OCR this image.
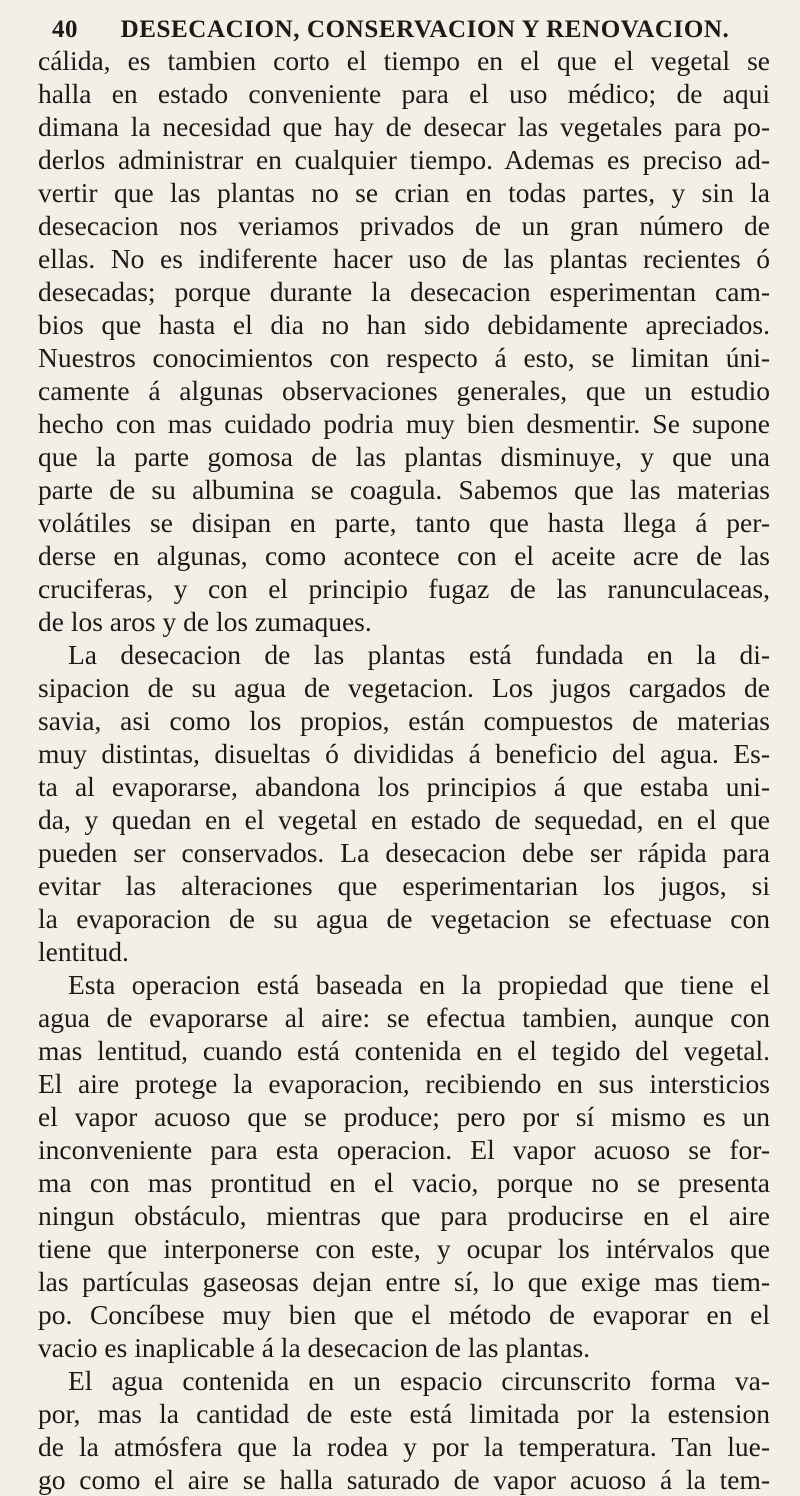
40	DESECACION, CONSERVACION Y RENOVACION.
cálida, es tambien corto el tiempo en el que el vegetal se
halla en estado conveniente para el uso médico; de aqui
dimana la necesidad que hay de desecar las vegetales para po-
derlos administrar en cualquier tiempo. Ademas es preciso ad-
vertir que las plantas no se crian en todas partes, y sin la
desecacion nos veriamos privados de un gran número de
ellas. No es indiferente hacer uso de las plantas recientes ó
desecadas; porque durante la desecacion esperimentan cam-
bios que hasta el dia no han sido debidamente apreciados.
Nuestros conocimientos con respecto á esto, se limitan úni-
camente á algunas observaciones generales, que un estudio
hecho con mas cuidado podria muy bien desmentir. Se supone
que la parte gomosa de las plantas disminuye, y que una
parte de su albumina se coagula. Sabemos que las materias
volátiles se disipan en parte, tanto que hasta llega á per-
derse en algunas, como acontece con el aceite acre de las
cruciferas, y con el principio fugaz de las ranunculaceas,
de los aros y de los zumaques.
La desecacion de las plantas está fundada en la di-
sipacion de su agua de vegetacion. Los jugos cargados de
savia, asi como los propios, están compuestos de materias
muy distintas, disueltas ó divididas á beneficio del agua. Es-
ta al evaporarse, abandona los principios á que estaba uni-
da, y quedan en el vegetal en estado de sequedad, en el que
pueden ser conservados. La desecacion debe ser rápida para
evitar las alteraciones que esperimentarian los jugos, si
la evaporacion de su agua de vegetacion se efectuase con
lentitud.
Esta operacion está baseada en la propiedad que tiene el
agua de evaporarse al aire: se efectua tambien, aunque con
mas lentitud, cuando está contenida en el tegido del vegetal.
El aire protege la evaporacion, recibiendo en sus intersticios
el vapor acuoso que se produce; pero por sí mismo es un
inconveniente para esta operacion. El vapor acuoso se for-
ma con mas prontitud en el vacio, porque no se presenta
ningun obstáculo, mientras que para producirse en el aire
tiene que interponerse con este, y ocupar los intérvalos que
las partículas gaseosas dejan entre sí, lo que exige mas tiem-
po. Concíbese muy bien que el método de evaporar en el
vacio es inaplicable á la desecacion de las plantas.
El agua contenida en un espacio circunscrito forma va-
por, mas la cantidad de este está limitada por la estension
de la atmósfera que la rodea y por la temperatura. Tan lue-
go como el aire se halla saturado de vapor acuoso á la tem-
